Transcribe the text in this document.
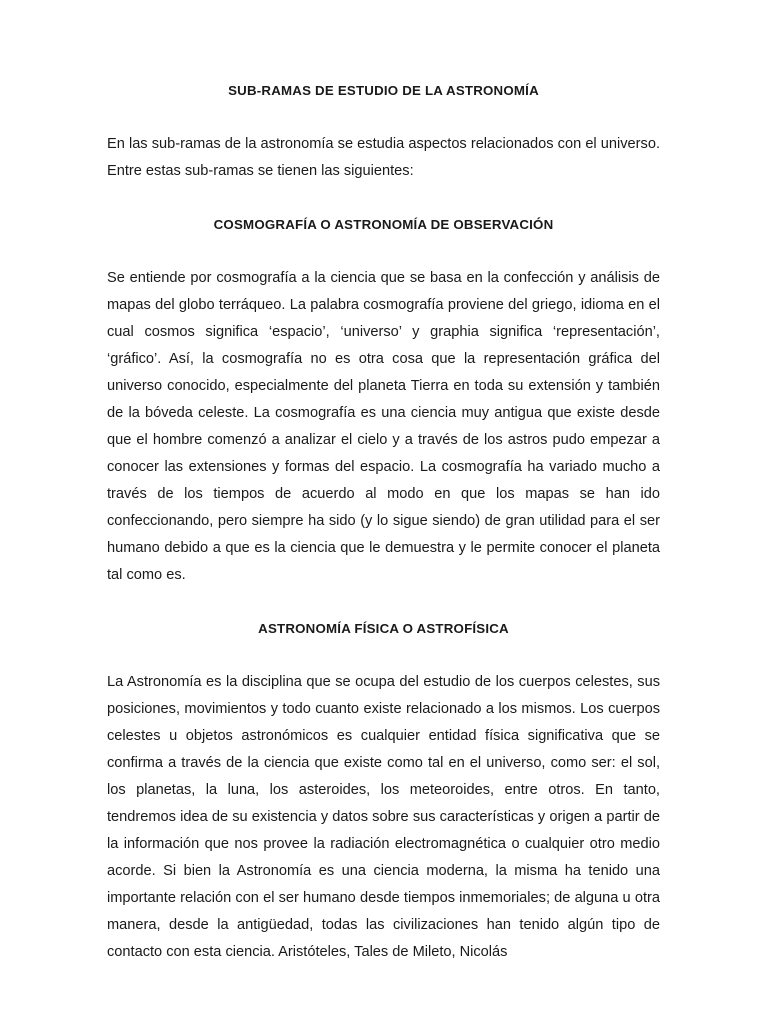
SUB-RAMAS DE ESTUDIO DE LA ASTRONOMÍA

En las sub-ramas de la astronomía se estudia aspectos relacionados con el universo. Entre estas sub-ramas se tienen las siguientes:

COSMOGRAFÍA O ASTRONOMÍA DE OBSERVACIÓN

Se entiende por cosmografía a la ciencia que se basa en la confección y análisis de mapas del globo terráqueo. La palabra cosmografía proviene del griego, idioma en el cual cosmos significa ‘espacio’, ‘universo’ y graphia significa ‘representación’, ‘gráfico’. Así, la cosmografía no es otra cosa que la representación gráfica del universo conocido, especialmente del planeta Tierra en toda su extensión y también de la bóveda celeste. La cosmografía es una ciencia muy antigua que existe desde que el hombre comenzó a analizar el cielo y a través de los astros pudo empezar a conocer las extensiones y formas del espacio. La cosmografía ha variado mucho a través de los tiempos de acuerdo al modo en que los mapas se han ido confeccionando, pero siempre ha sido (y lo sigue siendo) de gran utilidad para el ser humano debido a que es la ciencia que le demuestra y le permite conocer el planeta tal como es.

ASTRONOMÍA FÍSICA O ASTROFÍSICA

La Astronomía es la disciplina que se ocupa del estudio de los cuerpos celestes, sus posiciones, movimientos y todo cuanto existe relacionado a los mismos. Los cuerpos celestes u objetos astronómicos es cualquier entidad física significativa que se confirma a través de la ciencia que existe como tal en el universo, como ser: el sol, los planetas, la luna, los asteroides, los meteoroides, entre otros. En tanto, tendremos idea de su existencia y datos sobre sus características y origen a partir de la información que nos provee la radiación electromagnética o cualquier otro medio acorde. Si bien la Astronomía es una ciencia moderna, la misma ha tenido una importante relación con el ser humano desde tiempos inmemoriales; de alguna u otra manera, desde la antigüedad, todas las civilizaciones han tenido algún tipo de contacto con esta ciencia. Aristóteles, Tales de Mileto, Nicolás
